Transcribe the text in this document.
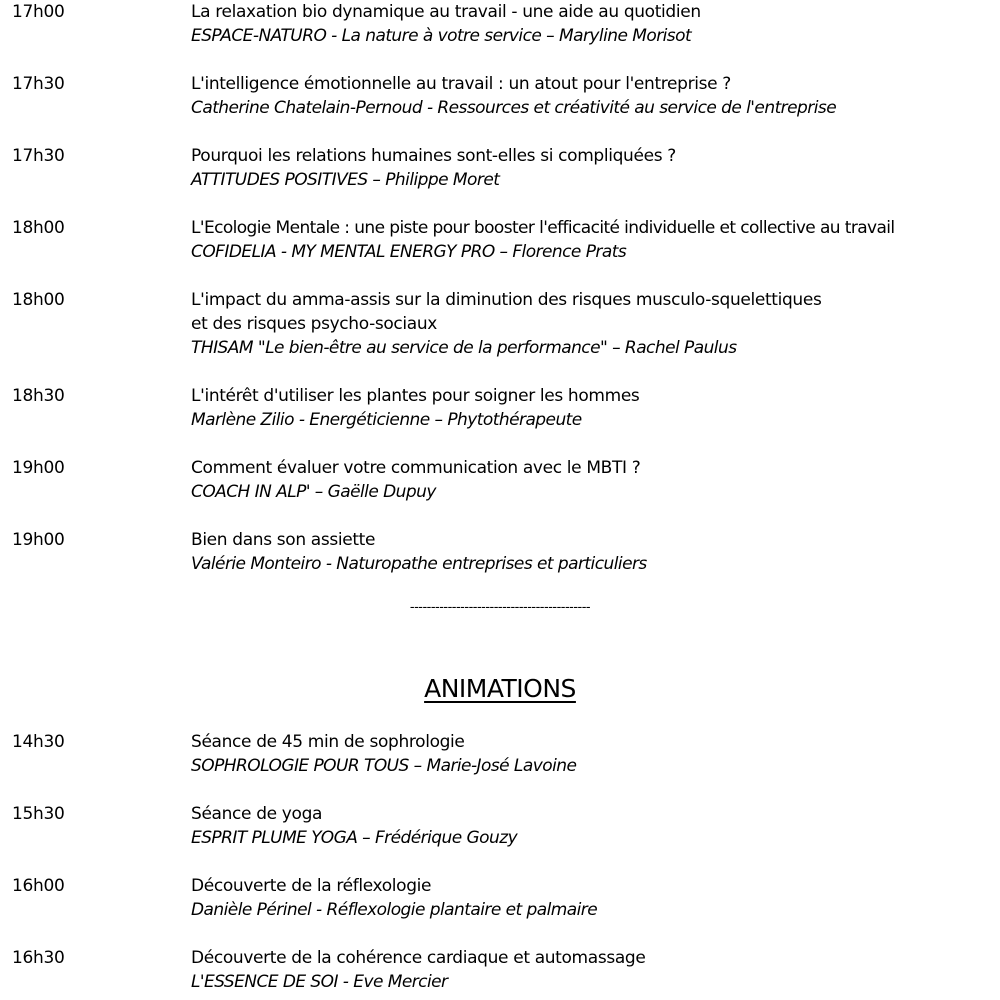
17h00	La relaxation bio dynamique au travail - une aide au quotidien
ESPACE-NATURO - La nature à votre service – Maryline Morisot
17h30	L'intelligence émotionnelle au travail : un atout pour l'entreprise ?
Catherine Chatelain-Pernoud - Ressources et créativité au service de l'entreprise
17h30	Pourquoi les relations humaines sont-elles si compliquées ?
ATTITUDES POSITIVES – Philippe Moret
18h00	L'Ecologie Mentale : une piste pour booster l'efficacité individuelle et collective au travail
COFIDELIA - MY MENTAL ENERGY PRO – Florence Prats
18h00	L'impact du amma-assis sur la diminution des risques musculo-squelettiques
et des risques psycho-sociaux
THISAM "Le bien-être au service de la performance" – Rachel Paulus
18h30	L'intérêt d'utiliser les plantes pour soigner les hommes
Marlène Zilio - Energéticienne – Phytothérapeute
19h00	Comment évaluer votre communication avec le MBTI ?
COACH IN ALP' – Gaëlle Dupuy
19h00	Bien dans son assiette
Valérie Monteiro - Naturopathe entreprises et particuliers
-------------------------------------------
ANIMATIONS
14h30	Séance de 45 min de sophrologie
SOPHROLOGIE POUR TOUS – Marie-José Lavoine
15h30	Séance de yoga
ESPRIT PLUME YOGA – Frédérique Gouzy
16h00	Découverte de la réflexologie
Danièle Périnel - Réflexologie plantaire et palmaire
16h30	Découverte de la cohérence cardiaque et automassage
L'ESSENCE DE SOI - Eve Mercier
